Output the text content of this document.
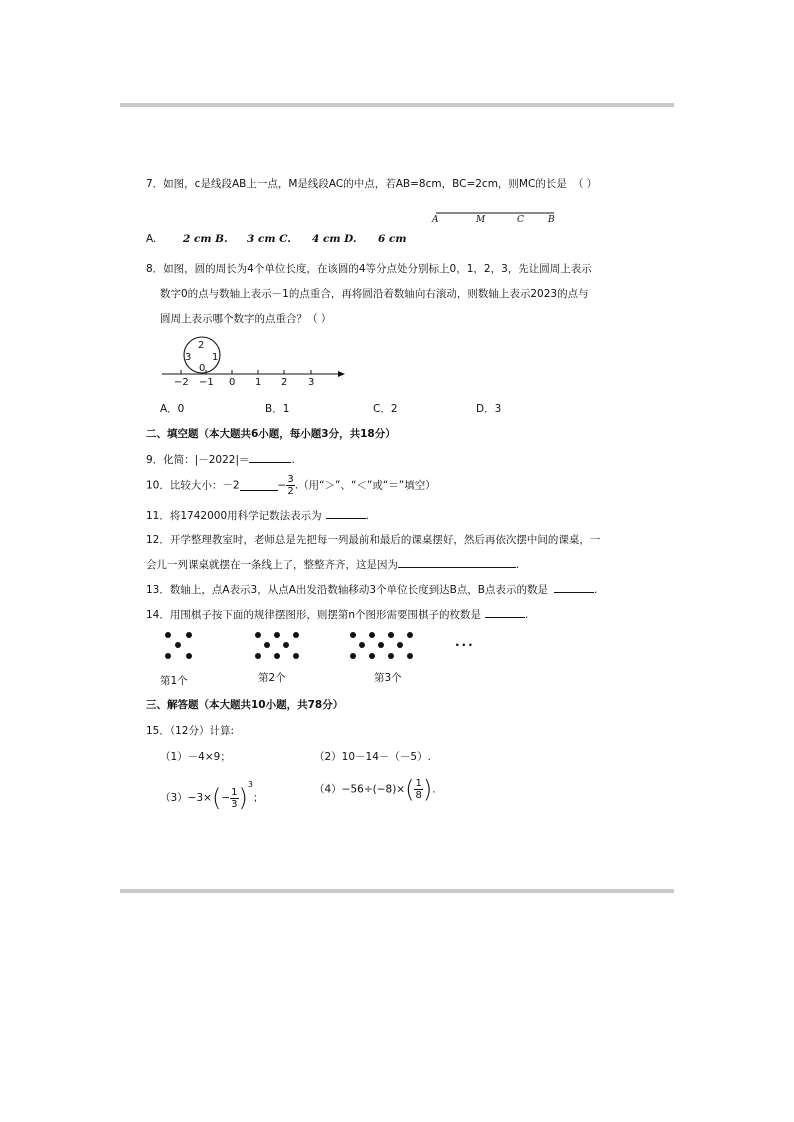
7．如图，c是线段AB上一点，M是线段AC的中点，若AB=8cm，BC=2cm，则MC的长是 （ ）
A	M	C	B
A.	2 cm B. 3 cm C. 4 cm D. 6 cm
8．如图，圆的周长为4个单位长度，在该圆的4等分点处分别标上0，1，2，3，先让圆周上表示
数字0的点与数轴上表示－1的点重合，再将圆沿着数轴向右滚动，则数轴上表示2023的点与
圆周上表示哪个数字的点重合？（ ）
2
3 1
0
−2 −1 0 1 2 3
A．0	B．1	C．2	D．3
二、填空题（本大题共6小题，每小题3分，共18分）
9．化简：|－2022|＝	.
10．比较大小：－2	− $\frac{3}{2}$ .（用“＞”、“＜”或“＝”填空）
11．将1742000用科学记数法表示为	.
12．开学整理教室时，老师总是先把每一列最前和最后的课桌摆好，然后再依次摆中间的课桌，一
会儿一列课桌就摆在一条线上了，整整齐齐，这是因为	.
13．数轴上，点A表示3，从点A出发沿数轴移动3个单位长度到达B点，B点表示的数是	.
14．用围棋子按下面的规律摆图形，则摆第n个图形需要围棋子的枚数是	.
···
第1个	第2个	第3个
三、解答题（本大题共10小题，共78分）
15．（12分）计算:
（1）－4×9；	（2）10－14－（－5）.
$(3)-3\times(- \frac{1}{3} )^3$；
$(4)-56\div(-8)\times( \frac{1}{8}$ ).
